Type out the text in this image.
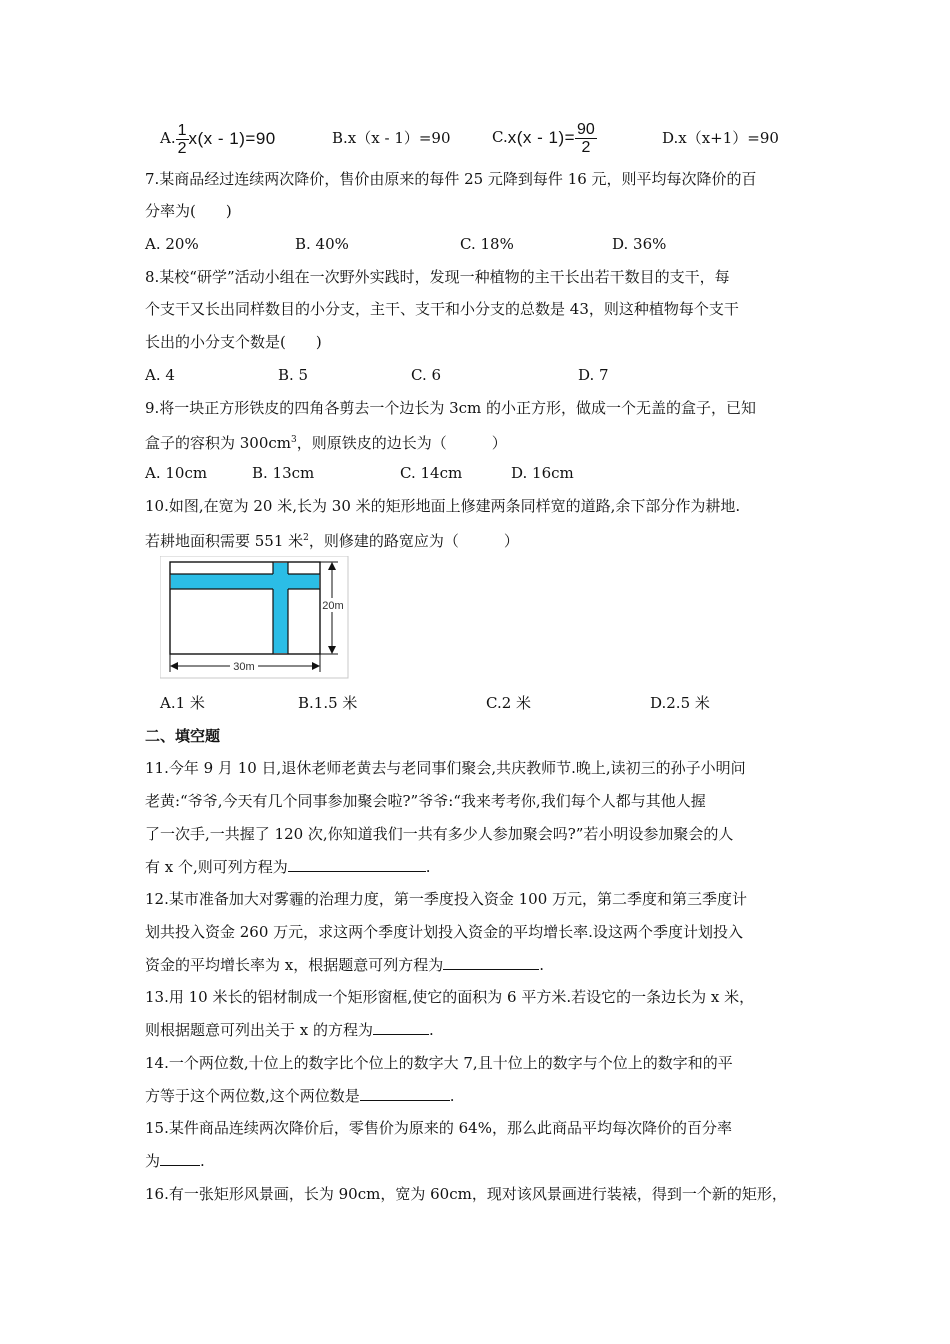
A. $\frac{1}{2} x(x - 1)=90$	B.x（x - 1）=90	$C.x(x - 1)= \frac{90}{2}$	D.x（x+1）=90
7.某商品经过连续两次降价，售价由原来的每件 25 元降到每件 16 元，则平均每次降价的百
分率为(　　)
A. 20%	B. 40%	C. 18%	D. 36%
8.某校“研学”活动小组在一次野外实践时，发现一种植物的主干长出若干数目的支干，每
个支干又长出同样数目的小分支，主干、支干和小分支的总数是 43，则这种植物每个支干
长出的小分支个数是(　　)
A. 4	B. 5	C. 6	D. 7
9.将一块正方形铁皮的四角各剪去一个边长为 3cm 的小正方形，做成一个无盖的盒子，已知
盒子的容积为 $300cm^3$，则原铁皮的边长为（　　　）
A. 10cm	B. 13cm	C. 14cm	D. 16cm
10.如图,在宽为 20 米,长为 30 米的矩形地面上修建两条同样宽的道路,余下部分作为耕地.
若耕地面积需要 551 米$^2$，则修建的路宽应为（　　　）
20m
30m
A.1 米	B.1.5 米	C.2 米	D.2.5 米
二、填空题
11.今年 9 月 10 日,退休老师老黄去与老同事们聚会,共庆教师节.晚上,读初三的孙子小明问
老黄:“爷爷,今天有几个同事参加聚会啦?”爷爷:“我来考考你,我们每个人都与其他人握
了一次手,一共握了 120 次,你知道我们一共有多少人参加聚会吗?”若小明设参加聚会的人
有 x 个,则可列方程为	.
12.某市准备加大对雾霾的治理力度，第一季度投入资金 100 万元，第二季度和第三季度计
划共投入资金 260 万元，求这两个季度计划投入资金的平均增长率.设这两个季度计划投入
资金的平均增长率为 x，根据题意可列方程为	.
13.用 10 米长的铝材制成一个矩形窗框,使它的面积为 6 平方米.若设它的一条边长为 x 米，
则根据题意可列出关于 x 的方程为	.
14.一个两位数,十位上的数字比个位上的数字大 7,且十位上的数字与个位上的数字和的平
方等于这个两位数,这个两位数是	.
15.某件商品连续两次降价后，零售价为原来的 64%，那么此商品平均每次降价的百分率
为	.
16.有一张矩形风景画，长为 90cm，宽为 60cm，现对该风景画进行装裱，得到一个新的矩形，
